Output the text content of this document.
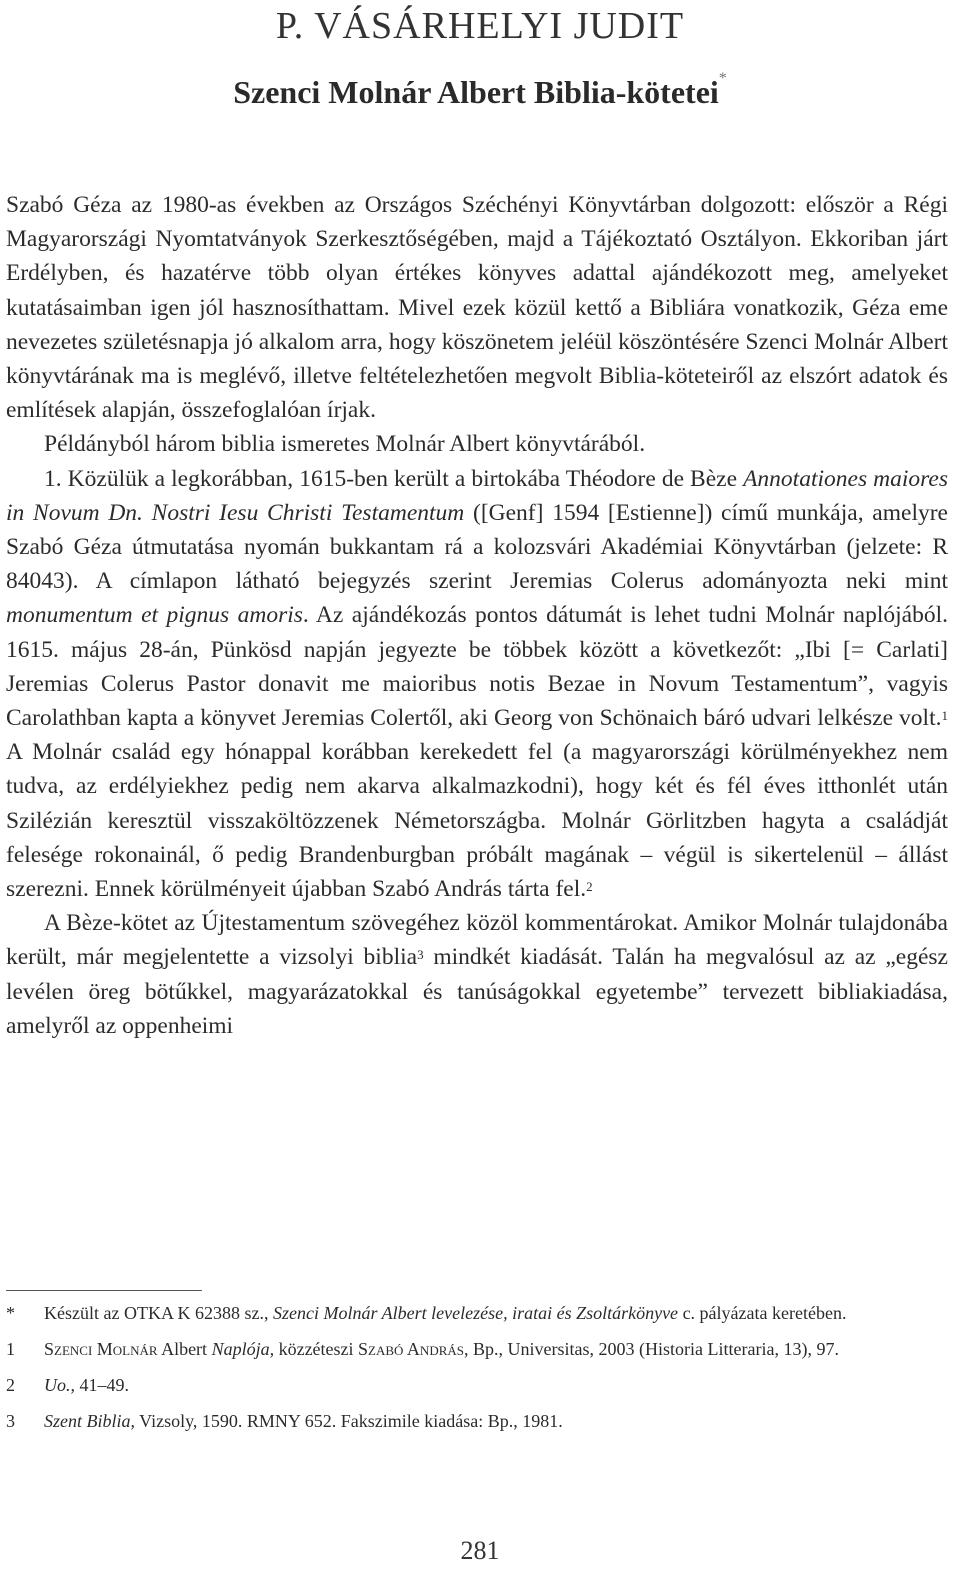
P. VÁSÁRHELYI JUDIT
Szenci Molnár Albert Biblia-kötetei*

Szabó Géza az 1980-as években az Országos Széchényi Könyvtárban dolgozott: először a Régi Magyarországi Nyomtatványok Szerkesztőségében, majd a Tájékoztató Osztályon. Ekkoriban járt Erdélyben, és hazatérve több olyan értékes könyves adattal ajándékozott meg, amelyeket kutatásaimban igen jól hasznosíthattam. Mivel ezek közül kettő a Bibliára vonatkozik, Géza eme nevezetes születésnapja jó alkalom arra, hogy köszönetem jeléül köszöntésére Szenci Molnár Albert könyvtárának ma is meglévő, illetve feltételezhetően megvolt Biblia-köteteiről az elszórt adatok és említések alapján, összefoglalóan írjak.

Példányból három biblia ismeretes Molnár Albert könyvtárából.

1. Közülük a legkorábban, 1615-ben került a birtokába Théodore de Bèze Annotationes maiores in Novum Dn. Nostri Iesu Christi Testamentum ([Genf] 1594 [Estienne]) című munkája, amelyre Szabó Géza útmutatása nyomán bukkantam rá a kolozsvári Akadémiai Könyvtárban (jelzete: R 84043). A címlapon látható bejegyzés szerint Jeremias Colerus adományozta neki mint monumentum et pignus amoris. Az ajándékozás pontos dátumát is lehet tudni Molnár naplójából. 1615. május 28-án, Pünkösd napján jegyezte be többek között a következőt: „Ibi [= Carlati] Jeremias Colerus Pastor donavit me maioribus notis Bezae in Novum Testamentum”, vagyis Carolathban kapta a könyvet Jeremias Colertől, aki Georg von Schönaich báró udvari lelkésze volt.$^1$ A Molnár család egy hónappal korábban kerekedett fel (a magyarországi körülményekhez nem tudva, az erdélyiekhez pedig nem akarva alkalmazkodni), hogy két és fél éves itthonlét után Szilézián keresztül visszaköltözzenek Németországba. Molnár Görlitzben hagyta a családját felesége rokonainál, ő pedig Brandenburgban próbált magának – végül is sikertelenül – állást szerezni. Ennek körülményeit újabban Szabó András tárta fel.$^2$

A Bèze-kötet az Újtestamentum szövegéhez közöl kommentárokat. Amikor Molnár tulajdonába került, már megjelentette a vizsolyi biblia$^3$ mindkét kiadását. Talán ha megvalósul az az „egész levélen öreg bötűkkel, magyarázatokkal és tanúságokkal egyetembe” tervezett bibliakiadása, amelyről az oppenheimi

*	Készült az OTKA K 62388 sz., Szenci Molnár Albert levelezése, iratai és Zsoltárkönyve c. pályázata keretében.
1	Szenci Molnár Albert Naplója, közzéteszi Szabó András, Bp., Universitas, 2003 (Historia Litteraria, 13), 97.
2	Uo., 41–49.
3	Szent Biblia, Vizsoly, 1590. RMNY 652. Fakszimile kiadása: Bp., 1981.
281
